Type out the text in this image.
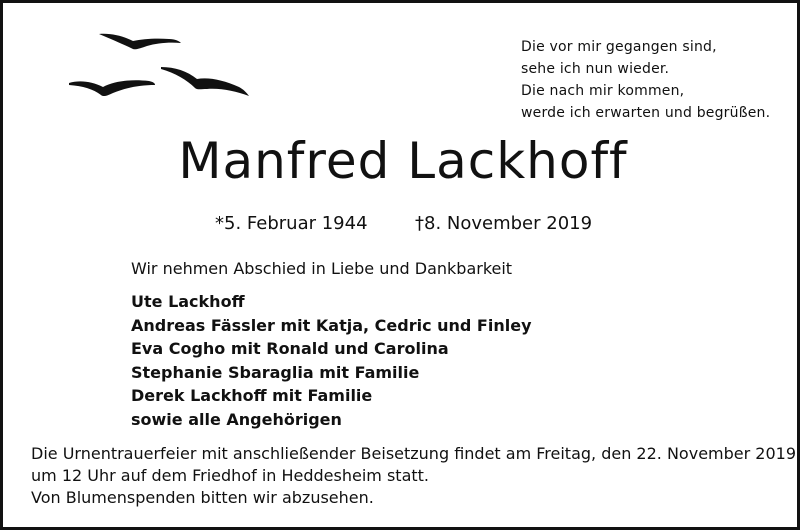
Die vor mir gegangen sind,
sehe ich nun wieder.
Die nach mir kommen,
werde ich erwarten und begrüßen.
Manfred Lackhoff
*5. Februar 1944	†8. November 2019
Wir nehmen Abschied in Liebe und Dankbarkeit
Ute Lackhoff
Andreas Fässler mit Katja, Cedric und Finley
Eva Cogho mit Ronald und Carolina
Stephanie Sbaraglia mit Familie
Derek Lackhoff mit Familie
sowie alle Angehörigen
Die Urnentrauerfeier mit anschließender Beisetzung findet am Freitag, den 22. November 2019
um 12 Uhr auf dem Friedhof in Heddesheim statt.
Von Blumenspenden bitten wir abzusehen.
